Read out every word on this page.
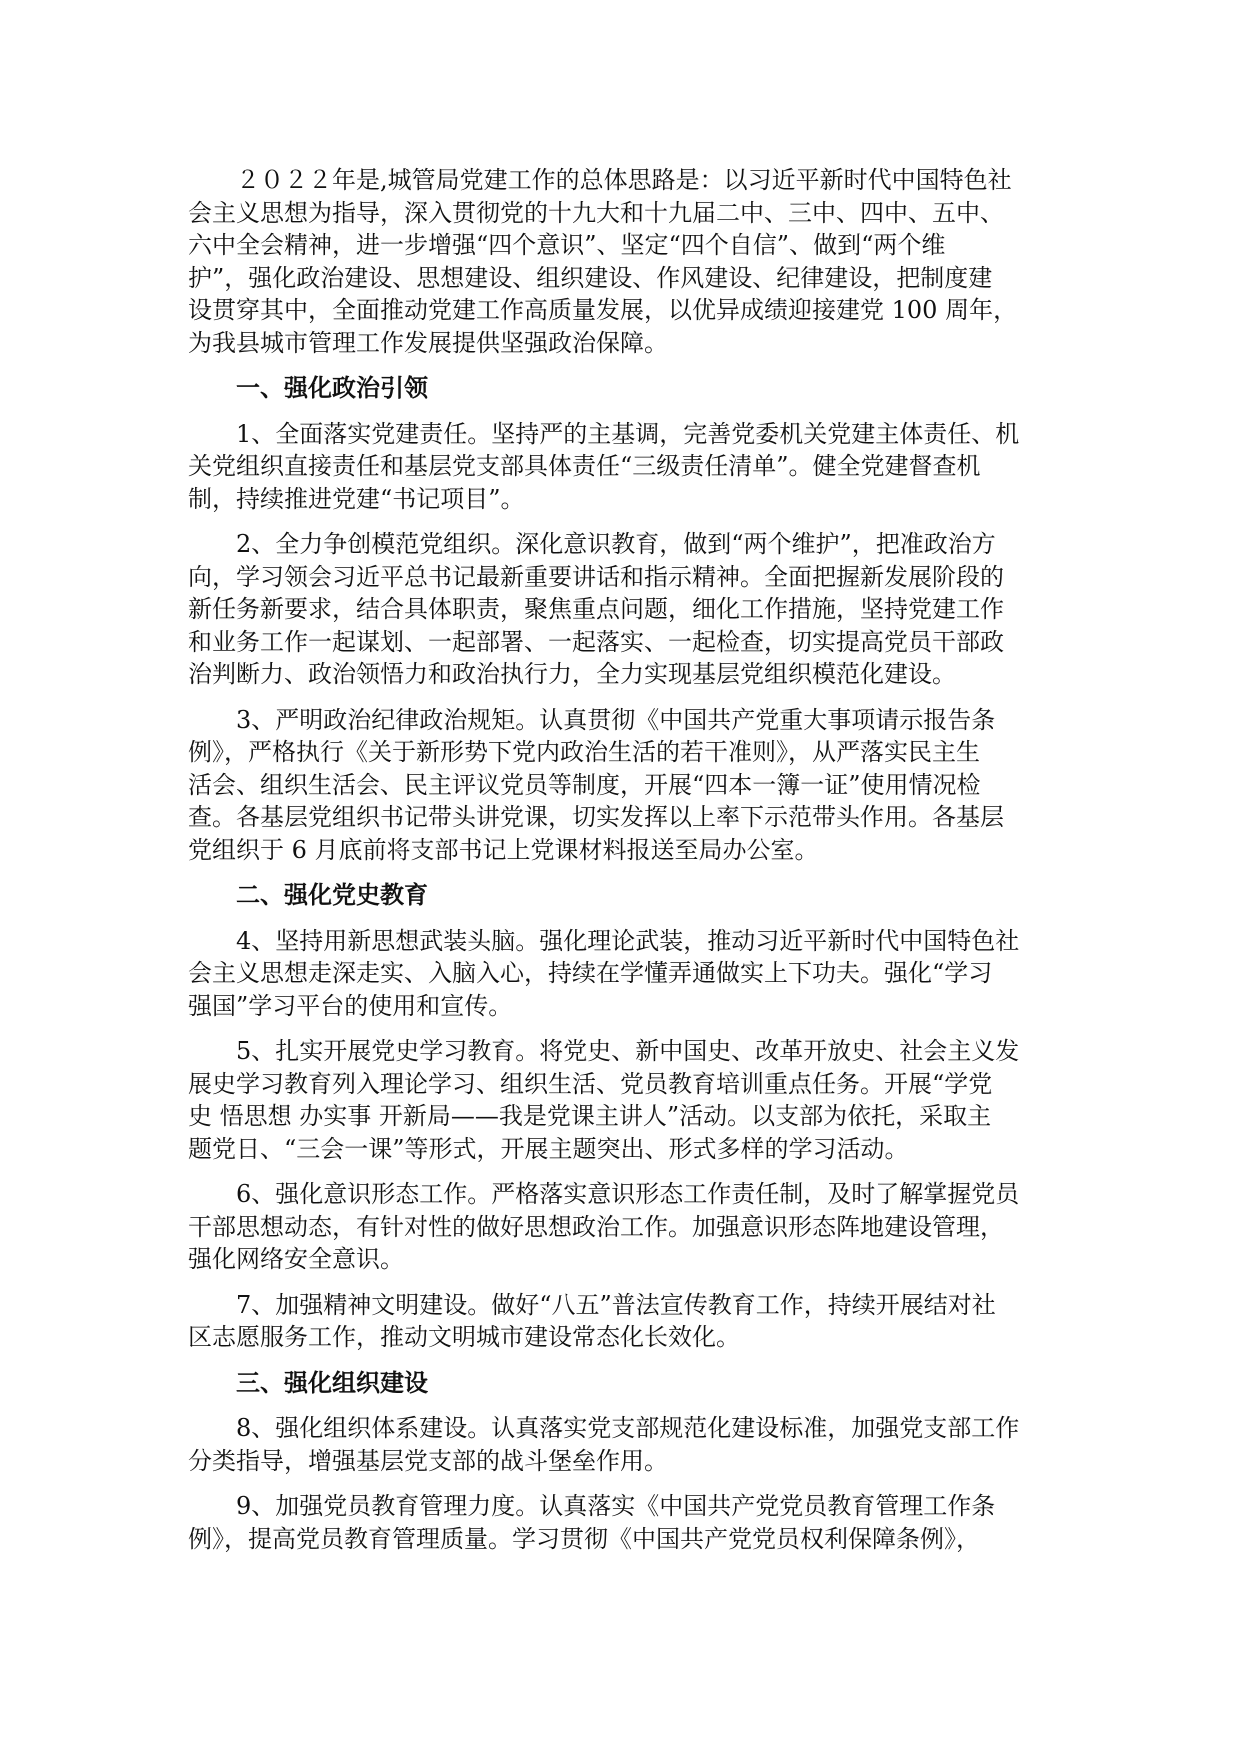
２０２２年是,城管局党建工作的总体思路是：以习近平新时代中国特色社
会主义思想为指导，深入贯彻党的十九大和十九届二中、三中、四中、五中、
六中全会精神，进一步增强“四个意识”、坚定“四个自信”、做到“两个维
护”，强化政治建设、思想建设、组织建设、作风建设、纪律建设，把制度建
设贯穿其中，全面推动党建工作高质量发展，以优异成绩迎接建党 100 周年，
为我县城市管理工作发展提供坚强政治保障。
一、强化政治引领
1、全面落实党建责任。坚持严的主基调，完善党委机关党建主体责任、机
关党组织直接责任和基层党支部具体责任“三级责任清单”。健全党建督查机
制，持续推进党建“书记项目”。
2、全力争创模范党组织。深化意识教育，做到“两个维护”，把准政治方
向，学习领会习近平总书记最新重要讲话和指示精神。全面把握新发展阶段的
新任务新要求，结合具体职责，聚焦重点问题，细化工作措施，坚持党建工作
和业务工作一起谋划、一起部署、一起落实、一起检查，切实提高党员干部政
治判断力、政治领悟力和政治执行力，全力实现基层党组织模范化建设。
3、严明政治纪律政治规矩。认真贯彻《中国共产党重大事项请示报告条
例》，严格执行《关于新形势下党内政治生活的若干准则》，从严落实民主生
活会、组织生活会、民主评议党员等制度，开展“四本一簿一证”使用情况检
查。各基层党组织书记带头讲党课，切实发挥以上率下示范带头作用。各基层
党组织于 6 月底前将支部书记上党课材料报送至局办公室。
二、强化党史教育
4、坚持用新思想武装头脑。强化理论武装，推动习近平新时代中国特色社
会主义思想走深走实、入脑入心，持续在学懂弄通做实上下功夫。强化“学习
强国”学习平台的使用和宣传。
5、扎实开展党史学习教育。将党史、新中国史、改革开放史、社会主义发
展史学习教育列入理论学习、组织生活、党员教育培训重点任务。开展“学党
史 悟思想 办实事 开新局——我是党课主讲人”活动。以支部为依托，采取主
题党日、“三会一课”等形式，开展主题突出、形式多样的学习活动。
6、强化意识形态工作。严格落实意识形态工作责任制，及时了解掌握党员
干部思想动态，有针对性的做好思想政治工作。加强意识形态阵地建设管理，
强化网络安全意识。
7、加强精神文明建设。做好“八五”普法宣传教育工作，持续开展结对社
区志愿服务工作，推动文明城市建设常态化长效化。
三、强化组织建设
8、强化组织体系建设。认真落实党支部规范化建设标准，加强党支部工作
分类指导，增强基层党支部的战斗堡垒作用。
9、加强党员教育管理力度。认真落实《中国共产党党员教育管理工作条
例》，提高党员教育管理质量。学习贯彻《中国共产党党员权利保障条例》，
